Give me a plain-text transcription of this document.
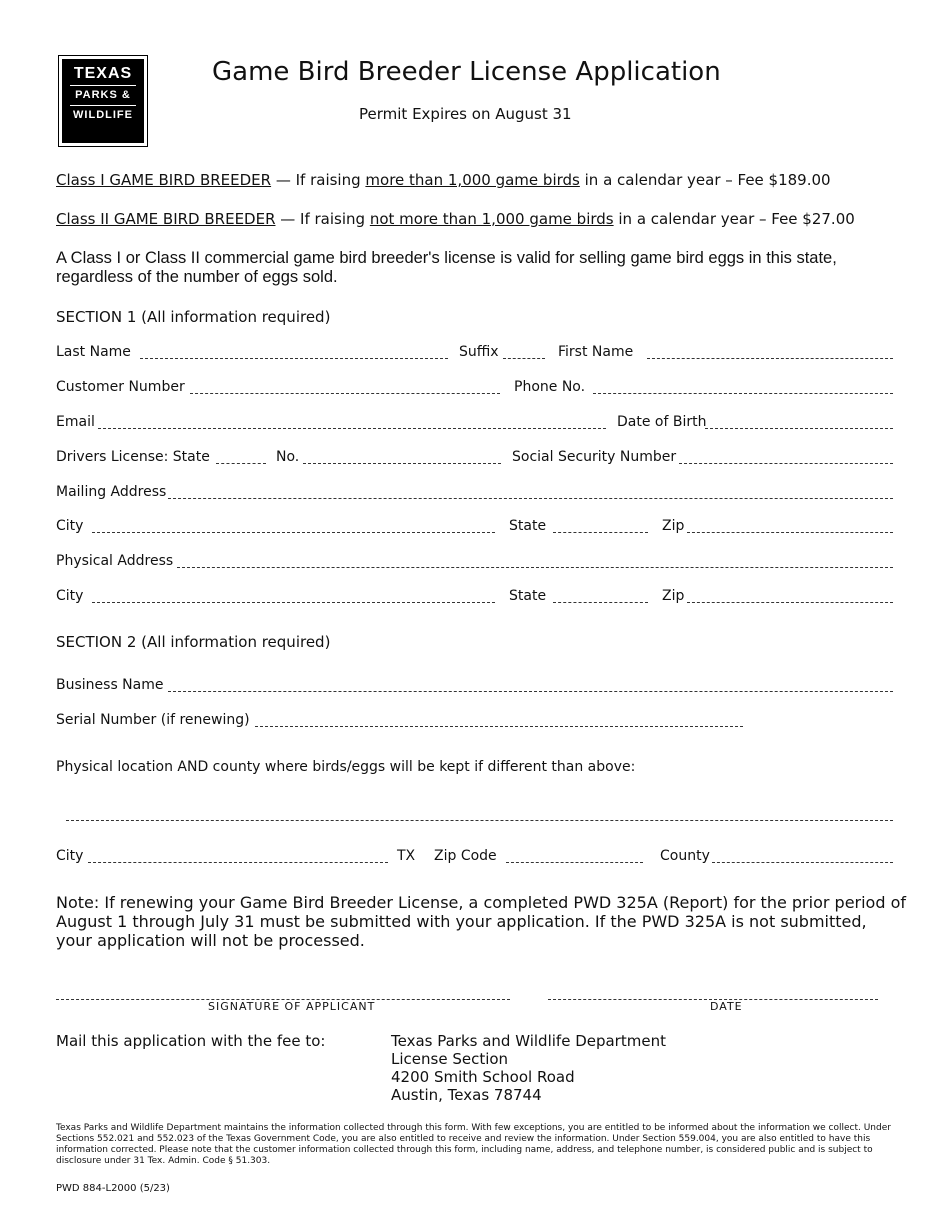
TEXAS
PARKS &
WILDLIFE
Game Bird Breeder License Application
Permit Expires on August 31
Class I GAME BIRD BREEDER — If raising more than 1,000 game birds in a calendar year – Fee $189.00
Class II GAME BIRD BREEDER — If raising not more than 1,000 game birds in a calendar year – Fee $27.00
A Class I or Class II commercial game bird breeder's license is valid for selling game bird eggs in this state, regardless of the number of eggs sold.
SECTION 1 (All information required)
Last Name	Suffix	First Name
Customer Number	Phone No.
Email	Date of Birth
Drivers License: State	No.	Social Security Number
Mailing Address
City	State	Zip
Physical Address
City	State	Zip
SECTION 2 (All information required)
Business Name
Serial Number (if renewing)
Physical location AND county where birds/eggs will be kept if different than above:
City	TX Zip Code	County
Note: If renewing your Game Bird Breeder License, a completed PWD 325A (Report) for the prior period of August 1 through July 31 must be submitted with your application. If the PWD 325A is not submitted, your application will not be processed.
SIGNATURE OF APPLICANT	DATE
Mail this application with the fee to:	Texas Parks and Wildlife Department
License Section
4200 Smith School Road
Austin, Texas 78744
Texas Parks and Wildlife Department maintains the information collected through this form. With few exceptions, you are entitled to be informed about the information we collect. Under Sections 552.021 and 552.023 of the Texas Government Code, you are also entitled to receive and review the information. Under Section 559.004, you are also entitled to have this information corrected. Please note that the customer information collected through this form, including name, address, and telephone number, is considered public and is subject to disclosure under 31 Tex. Admin. Code § 51.303.
PWD 884-L2000 (5/23)
